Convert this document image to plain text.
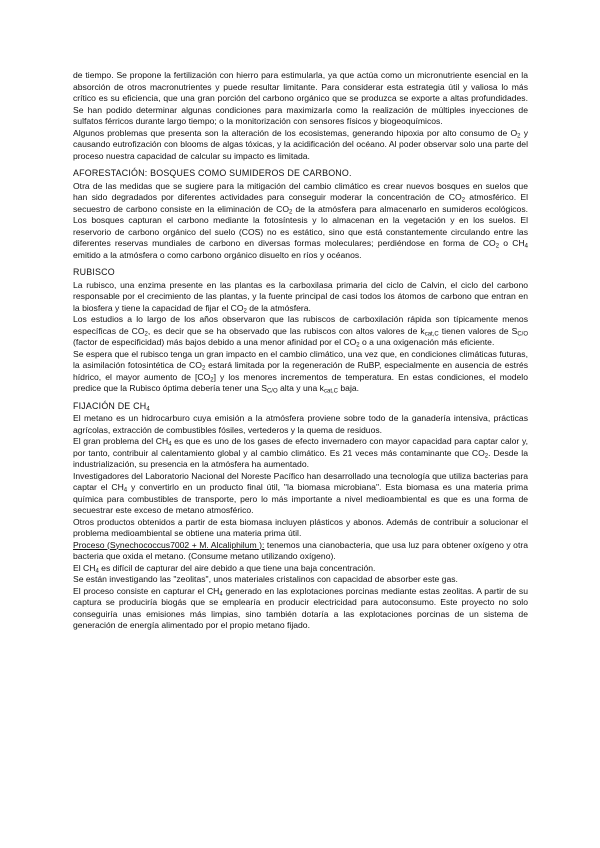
de tiempo. Se propone la fertilización con hierro para estimularla, ya que actúa como un micronutriente esencial en la absorción de otros macronutrientes y puede resultar limitante. Para considerar esta estrategia útil y valiosa lo más crítico es su eficiencia, que una gran porción del carbono orgánico que se produzca se exporte a altas profundidades. Se han podido determinar algunas condiciones para maximizarla como la realización de múltiples inyecciones de sulfatos férricos durante largo tiempo; o la monitorización con sensores físicos y biogeoquímicos.

Algunos problemas que presenta son la alteración de los ecosistemas, generando hipoxia por alto consumo de $O_2$ y causando eutrofización con blooms de algas tóxicas, y la acidificación del océano. Al poder observar solo una parte del proceso nuestra capacidad de calcular su impacto es limitada.

AFORESTACIÓN: BOSQUES COMO SUMIDEROS DE CARBONO.

Otra de las medidas que se sugiere para la mitigación del cambio climático es crear nuevos bosques en suelos que han sido degradados por diferentes actividades para conseguir moderar la concentración de $CO_2$ atmosférico. El secuestro de carbono consiste en la eliminación de $CO_2$ de la atmósfera para almacenarlo en sumideros ecológicos. Los bosques capturan el carbono mediante la fotosíntesis y lo almacenan en la vegetación y en los suelos. El reservorio de carbono orgánico del suelo (COS) no es estático, sino que está constantemente circulando entre las diferentes reservas mundiales de carbono en diversas formas moleculares; perdiéndose en forma de $CO_2$ o $CH_4$ emitido a la atmósfera o como carbono orgánico disuelto en ríos y océanos.

RUBISCO

La rubisco, una enzima presente en las plantas es la carboxilasa primaria del ciclo de Calvin, el ciclo del carbono responsable por el crecimiento de las plantas, y la fuente principal de casi todos los átomos de carbono que entran en la biosfera y tiene la capacidad de fijar el $CO_2$ de la atmósfera.

Los estudios a lo largo de los años observaron que las rubiscos de carboxilación rápida son típicamente menos específicas de $CO_2$, es decir que se ha observado que las rubiscos con altos valores de $k_{cat,C}$ tienen valores de $S_{C/O}$ (factor de especificidad) más bajos debido a una menor afinidad por el $CO_2$ o a una oxigenación más eficiente.

Se espera que el rubisco tenga un gran impacto en el cambio climático, una vez que, en condiciones climáticas futuras, la asimilación fotosintética de $CO_2$ estará limitada por la regeneración de RuBP, especialmente en ausencia de estrés hídrico, el mayor aumento de $[CO_2]$ y los menores incrementos de temperatura. En estas condiciones, el modelo predice que la Rubisco óptima debería tener una $S_{C/O}$ alta y una $k_{cat,C}$ baja.

FIJACIÓN DE $CH_4$

El metano es un hidrocarburo cuya emisión a la atmósfera proviene sobre todo de la ganadería intensiva, prácticas agrícolas, extracción de combustibles fósiles, vertederos y la quema de residuos.

El gran problema del $CH_4$ es que es uno de los gases de efecto invernadero con mayor capacidad para captar calor y, por tanto, contribuir al calentamiento global y al cambio climático. Es 21 veces más contaminante que $CO_2$. Desde la industrialización, su presencia en la atmósfera ha aumentado.

Investigadores del Laboratorio Nacional del Noreste Pacífico han desarrollado una tecnología que utiliza bacterias para captar el $CH_4$ y convertirlo en un producto final útil, "la biomasa microbiana". Esta biomasa es una materia prima química para combustibles de transporte, pero lo más importante a nivel medioambiental es que es una forma de secuestrar este exceso de metano atmosférico.

Otros productos obtenidos a partir de esta biomasa incluyen plásticos y abonos. Además de contribuir a solucionar el problema medioambiental se obtiene una materia prima útil.

Proceso (Synechococcus7002 + M. Alcaliphilum ): tenemos una cianobacteria, que usa luz para obtener oxígeno y otra bacteria que oxida el metano. (Consume metano utilizando oxígeno).

El $CH_4$ es difícil de capturar del aire debido a que tiene una baja concentración.

Se están investigando las "zeolitas", unos materiales cristalinos con capacidad de absorber este gas.

El proceso consiste en capturar el $CH_4$ generado en las explotaciones porcinas mediante estas zeolitas. A partir de su captura se produciría biogás que se emplearía en producir electricidad para autoconsumo. Este proyecto no solo conseguiría unas emisiones más limpias, sino también dotaría a las explotaciones porcinas de un sistema de generación de energía alimentado por el propio metano fijado.
